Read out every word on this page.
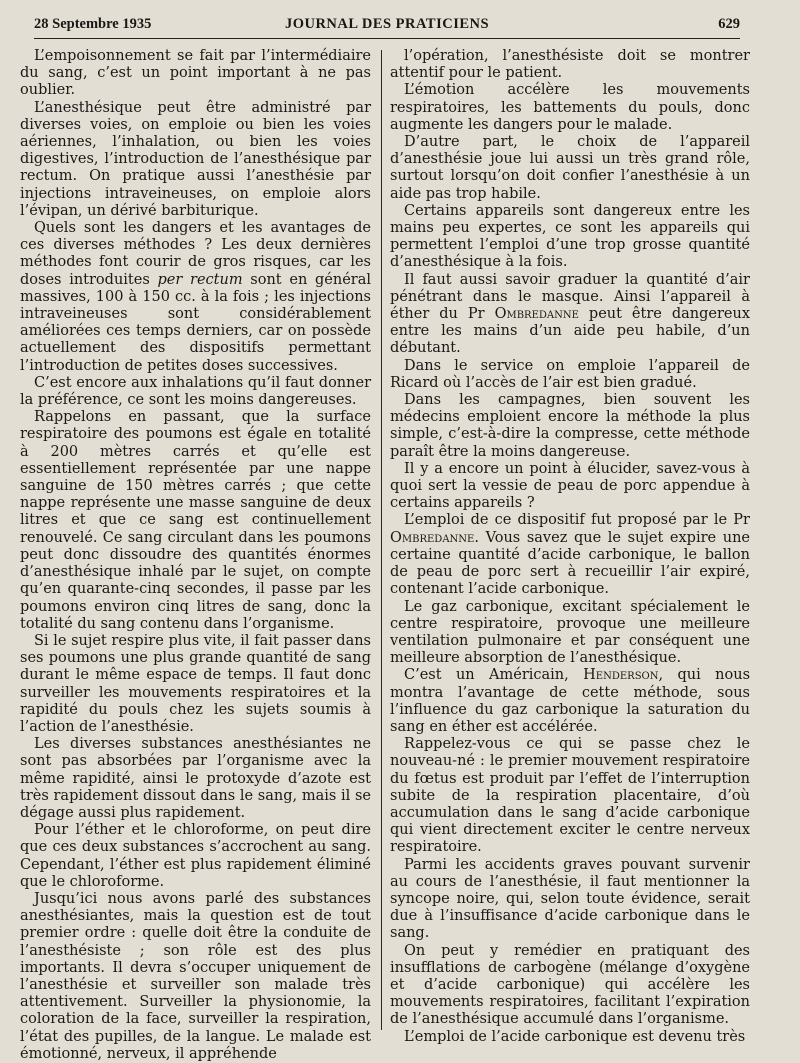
28 Septembre 1935	JOURNAL DES PRATICIENS	629

L’empoisonnement se fait par l’intermédiaire du sang, c’est un point important à ne pas oublier.

L’anesthésique peut être administré par diverses voies, on emploie ou bien les voies aériennes, l’inhalation, ou bien les voies digestives, l’introduction de l’anesthésique par rectum. On pratique aussi l’anesthésie par injections intraveineuses, on emploie alors l’évipan, un dérivé barbiturique.

Quels sont les dangers et les avantages de ces diverses méthodes ? Les deux dernières méthodes font courir de gros risques, car les doses introduites per rectum sont en général massives, 100 à 150 cc. à la fois ; les injections intraveineuses sont considérablement améliorées ces temps derniers, car on possède actuellement des dispositifs permettant l’introduction de petites doses successives.

C’est encore aux inhalations qu’il faut donner la préférence, ce sont les moins dangereuses.

Rappelons en passant, que la surface respiratoire des poumons est égale en totalité à 200 mètres carrés et qu’elle est essentiellement représentée par une nappe sanguine de 150 mètres carrés ; que cette nappe représente une masse sanguine de deux litres et que ce sang est continuellement renouvelé. Ce sang circulant dans les poumons peut donc dissoudre des quantités énormes d’anesthésique inhalé par le sujet, on compte qu’en quarante-cinq secondes, il passe par les poumons environ cinq litres de sang, donc la totalité du sang contenu dans l’organisme.

Si le sujet respire plus vite, il fait passer dans ses poumons une plus grande quantité de sang durant le même espace de temps. Il faut donc surveiller les mouvements respiratoires et la rapidité du pouls chez les sujets soumis à l’action de l’anesthésie.

Les diverses substances anesthésiantes ne sont pas absorbées par l’organisme avec la même rapidité, ainsi le protoxyde d’azote est très rapidement dissout dans le sang, mais il se dégage aussi plus rapidement.

Pour l’éther et le chloroforme, on peut dire que ces deux substances s’accrochent au sang. Cependant, l’éther est plus rapidement éliminé que le chloroforme.

Jusqu’ici nous avons parlé des substances anesthésiantes, mais la question est de tout premier ordre : quelle doit être la conduite de l’anesthésiste ; son rôle est des plus importants. Il devra s’occuper uniquement de l’anesthésie et surveiller son malade très attentivement. Surveiller la physionomie, la coloration de la face, surveiller la respiration, l’état des pupilles, de la langue. Le malade est émotionné, nerveux, il appréhende

l’opération, l’anesthésiste doit se montrer attentif pour le patient.

L’émotion accélère les mouvements respiratoires, les battements du pouls, donc augmente les dangers pour le malade.

D’autre part, le choix de l’appareil d’anesthésie joue lui aussi un très grand rôle, surtout lorsqu’on doit confier l’anesthésie à un aide pas trop habile.

Certains appareils sont dangereux entre les mains peu expertes, ce sont les appareils qui permettent l’emploi d’une trop grosse quantité d’anesthésique à la fois.

Il faut aussi savoir graduer la quantité d’air pénétrant dans le masque. Ainsi l’appareil à éther du Pr Ombredanne peut être dangereux entre les mains d’un aide peu habile, d’un débutant.

Dans le service on emploie l’appareil de Ricard où l’accès de l’air est bien gradué.

Dans les campagnes, bien souvent les médecins emploient encore la méthode la plus simple, c’est-à-dire la compresse, cette méthode paraît être la moins dangereuse.

Il y a encore un point à élucider, savez-vous à quoi sert la vessie de peau de porc appendue à certains appareils ?

L’emploi de ce dispositif fut proposé par le Pr Ombredanne. Vous savez que le sujet expire une certaine quantité d’acide carbonique, le ballon de peau de porc sert à recueillir l’air expiré, contenant l’acide carbonique.

Le gaz carbonique, excitant spécialement le centre respiratoire, provoque une meilleure ventilation pulmonaire et par conséquent une meilleure absorption de l’anesthésique.

C’est un Américain, Henderson, qui nous montra l’avantage de cette méthode, sous l’influence du gaz carbonique la saturation du sang en éther est accélérée.

Rappelez-vous ce qui se passe chez le nouveau-né : le premier mouvement respiratoire du fœtus est produit par l’effet de l’interruption subite de la respiration placentaire, d’où accumulation dans le sang d’acide carbonique qui vient directement exciter le centre nerveux respiratoire.

Parmi les accidents graves pouvant survenir au cours de l’anesthésie, il faut mentionner la syncope noire, qui, selon toute évidence, serait due à l’insuffisance d’acide carbonique dans le sang.

On peut y remédier en pratiquant des insufflations de carbogène (mélange d’oxygène et d’acide carbonique) qui accélère les mouvements respiratoires, facilitant l’expiration de l’anesthésique accumulé dans l’organisme.

L’emploi de l’acide carbonique est devenu très
